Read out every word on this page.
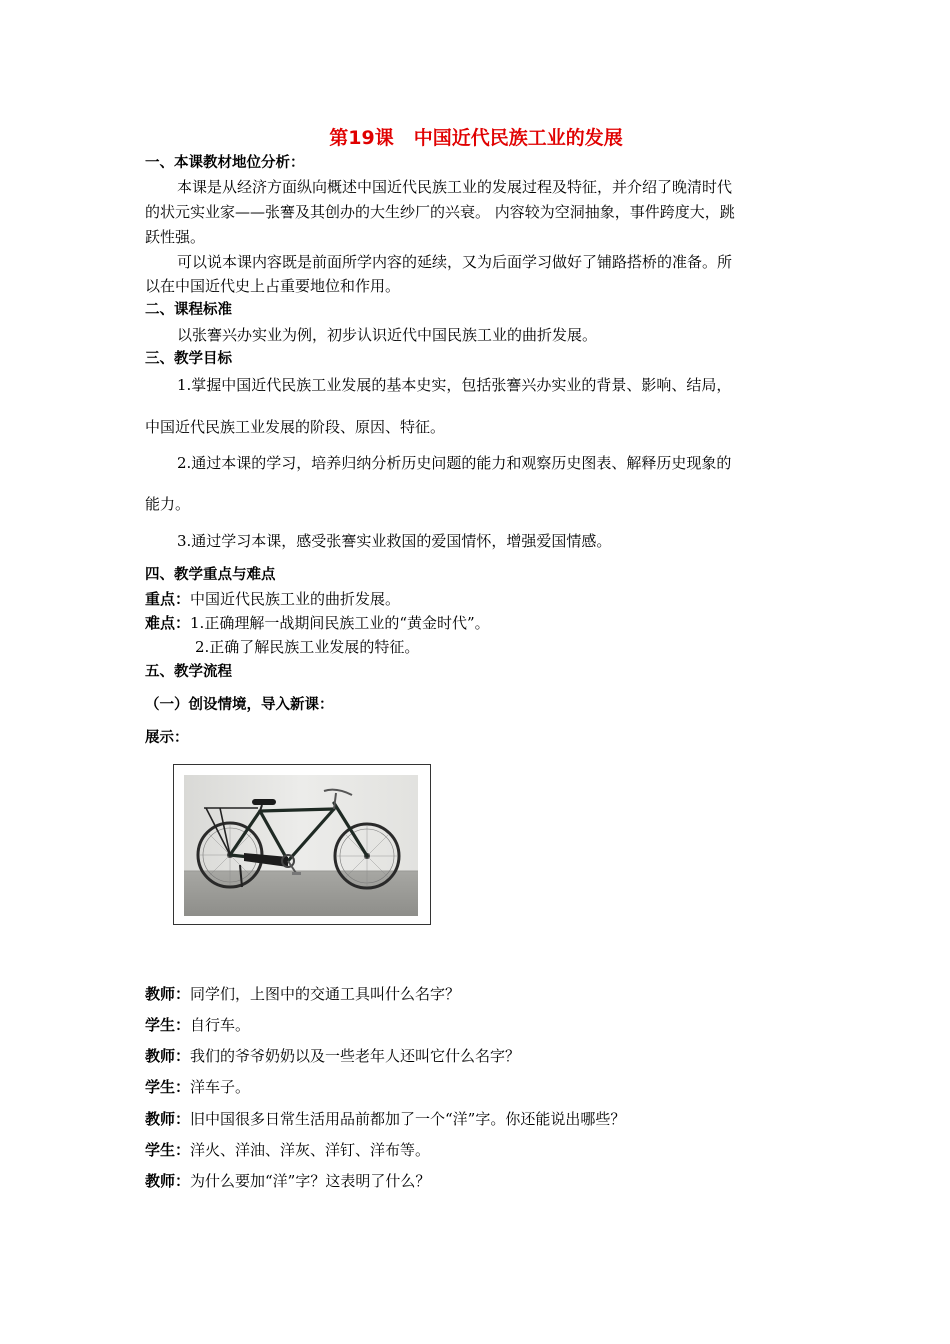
第19课 中国近代民族工业的发展
一、本课教材地位分析：
本课是从经济方面纵向概述中国近代民族工业的发展过程及特征，并介绍了晚清时代
的状元实业家——张謇及其创办的大生纱厂的兴衰。 内容较为空洞抽象，事件跨度大，跳
跃性强。
可以说本课内容既是前面所学内容的延续，又为后面学习做好了铺路搭桥的准备。所
以在中国近代史上占重要地位和作用。
二、课程标准
以张謇兴办实业为例，初步认识近代中国民族工业的曲折发展。
三、教学目标
1.掌握中国近代民族工业发展的基本史实，包括张謇兴办实业的背景、影响、结局，
中国近代民族工业发展的阶段、原因、特征。
2.通过本课的学习，培养归纳分析历史问题的能力和观察历史图表、解释历史现象的
能力。
3.通过学习本课，感受张謇实业救国的爱国情怀，增强爱国情感。
四、教学重点与难点
重点：中国近代民族工业的曲折发展。
难点：1.正确理解一战期间民族工业的“黄金时代”。
2.正确了解民族工业发展的特征。
五、教学流程
（一）创设情境，导入新课：
展示：
教师：同学们，上图中的交通工具叫什么名字？
学生：自行车。
教师：我们的爷爷奶奶以及一些老年人还叫它什么名字？
学生：洋车子。
教师：旧中国很多日常生活用品前都加了一个“洋”字。你还能说出哪些？
学生：洋火、洋油、洋灰、洋钉、洋布等。
教师：为什么要加“洋”字？这表明了什么？
